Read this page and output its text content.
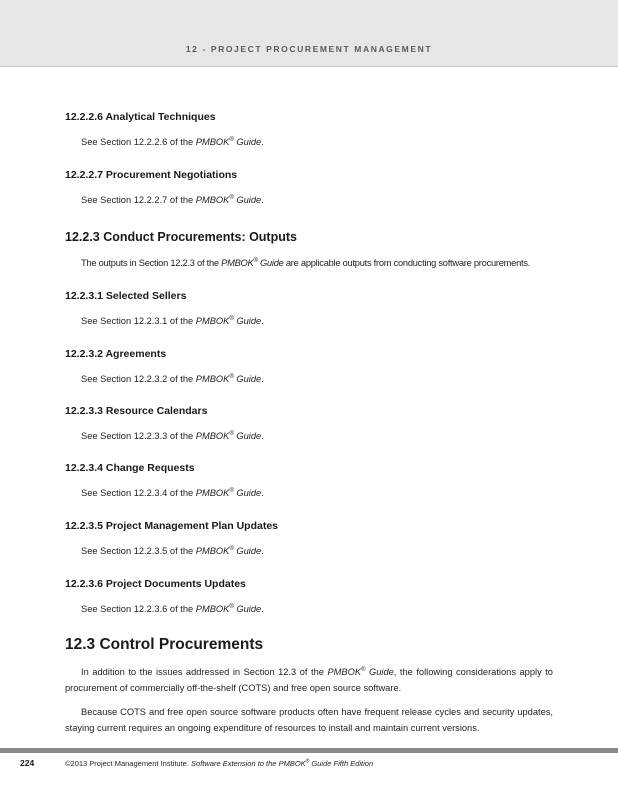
12 - PROJECT PROCUREMENT MANAGEMENT
12.2.2.6 Analytical Techniques
See Section 12.2.2.6 of the PMBOK® Guide.
12.2.2.7 Procurement Negotiations
See Section 12.2.2.7 of the PMBOK® Guide.
12.2.3 Conduct Procurements: Outputs
The outputs in Section 12.2.3 of the PMBOK® Guide are applicable outputs from conducting software procurements.
12.2.3.1 Selected Sellers
See Section 12.2.3.1 of the PMBOK® Guide.
12.2.3.2 Agreements
See Section 12.2.3.2 of the PMBOK® Guide.
12.2.3.3 Resource Calendars
See Section 12.2.3.3 of the PMBOK® Guide.
12.2.3.4 Change Requests
See Section 12.2.3.4 of the PMBOK® Guide.
12.2.3.5 Project Management Plan Updates
See Section 12.2.3.5 of the PMBOK® Guide.
12.2.3.6 Project Documents Updates
See Section 12.2.3.6 of the PMBOK® Guide.
12.3 Control Procurements
In addition to the issues addressed in Section 12.3 of the PMBOK® Guide, the following considerations apply to procurement of commercially off-the-shelf (COTS) and free open source software.
Because COTS and free open source software products often have frequent release cycles and security updates, staying current requires an ongoing expenditure of resources to install and maintain current versions.
224	©2013 Project Management Institute. Software Extension to the PMBOK® Guide Fifth Edition
